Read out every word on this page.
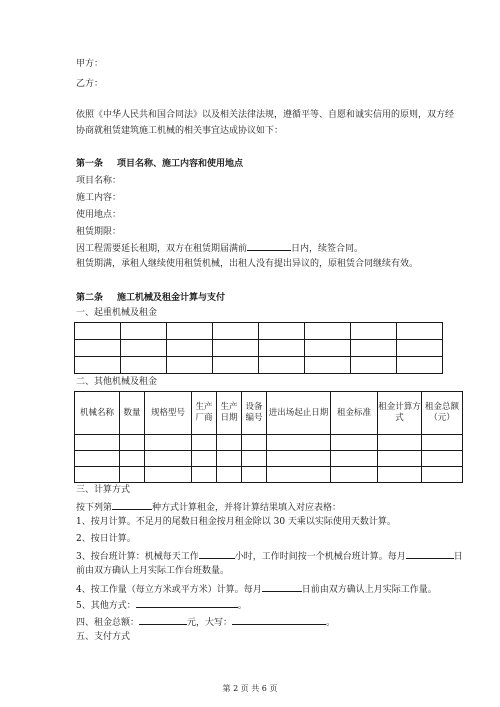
甲方：
乙方：
依照《中华人民共和国合同法》以及相关法律法规，遵循平等、自愿和诚实信用的原则，双方经
协商就租赁建筑施工机械的相关事宜达成协议如下：
第一条 项目名称、施工内容和使用地点
项目名称：
施工内容：
使用地点：
租赁期限：
因工程需要延长租期，双方在租赁期届满前	日内，续签合同。
租赁期满，承租人继续使用租赁机械，出租人没有提出异议的，原租赁合同继续有效。
第二条 施工机械及租金计算与支付
一、起重机械及租金

二、其他机械及租金
机械名称	数量	规格型号	生产厂商	生产日期	设备编号	进出场起止日期	租金标准	租金计算方式	租金总额（元）

三、计算方式
按下列第	种方式计算租金，并将计算结果填入对应表格：
1、按月计算。不足月的尾数日租金按月租金除以 30 天乘以实际使用天数计算。
2、按日计算。
3、按台班计算：机械每天工作	小时，工作时间按一个机械台班计算。每月	日
前由双方确认上月实际工作台班数量。
4、按工作量（每立方米或平方米）计算。每月	日前由双方确认上月实际工作量。
5、其他方式：	。
四、租金总额：	元，大写：	。
五、支付方式
第 2 页 共 6 页
